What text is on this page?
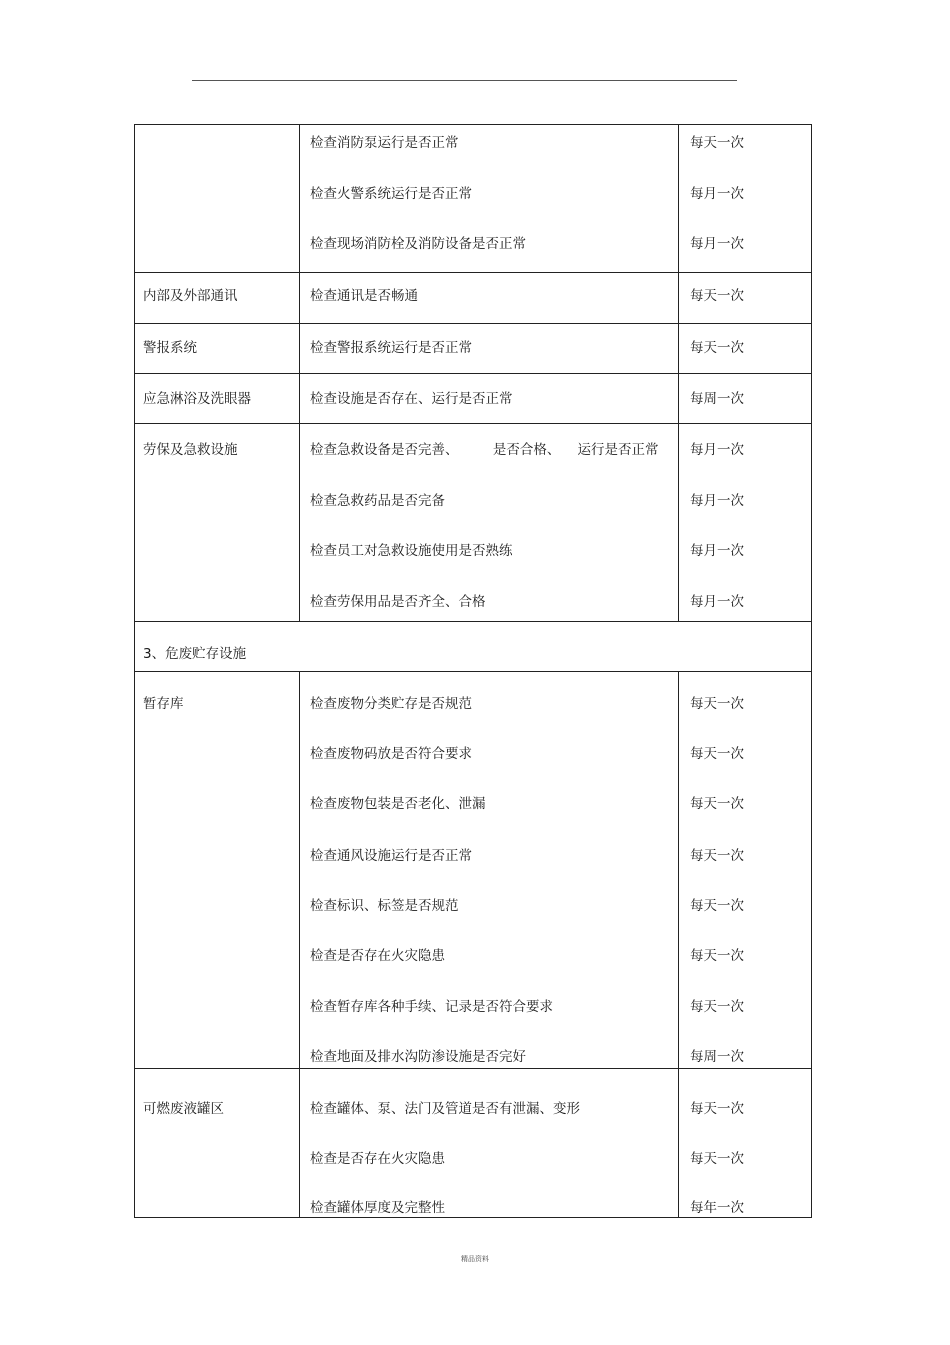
检查消防泵运行是否正常	每天一次
检查火警系统运行是否正常	每月一次
检查现场消防栓及消防设备是否正常	每月一次
内部及外部通讯	检查通讯是否畅通	每天一次
警报系统	检查警报系统运行是否正常	每天一次
应急淋浴及洗眼器	检查设施是否存在、运行是否正常	每周一次
劳保及急救设施	检查急救设备是否完善、        是否合格、    运行是否正常 每月一次
检查急救药品是否完备	每月一次
检查员工对急救设施使用是否熟练	每月一次
检查劳保用品是否齐全、合格	每月一次
3、危废贮存设施
暂存库	检查废物分类贮存是否规范	每天一次
检查废物码放是否符合要求	每天一次
检查废物包装是否老化、泄漏	每天一次
检查通风设施运行是否正常	每天一次
检查标识、标签是否规范	每天一次
检查是否存在火灾隐患	每天一次
检查暂存库各种手续、记录是否符合要求	每天一次
检查地面及排水沟防渗设施是否完好	每周一次
可燃废液罐区	检查罐体、泵、法门及管道是否有泄漏、变形	每天一次
检查是否存在火灾隐患	每天一次
检查罐体厚度及完整性	每年一次
精品资料
